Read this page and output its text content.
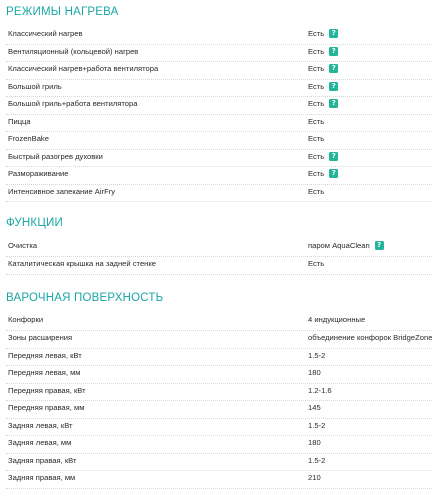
РЕЖИМЫ НАГРЕВА
Классический нагрев	Есть	?
Вентиляционный (кольцевой) нагрев	Есть	?
Классический нагрев+работа вентилятора	Есть	?
Большой гриль	Есть	?
Большой гриль+работа вентилятора	Есть	?
Пицца	Есть
FrozenBake	Есть
Быстрый разогрев духовки	Есть	?
Размораживание	Есть	?
Интенсивное запекание AirFry	Есть
ФУНКЦИИ
Очистка	паром AquaClean	?
Каталитическая крышка на задней стенке	Есть
ВАРОЧНАЯ ПОВЕРХНОСТЬ
Конфорки	4 индукционные
Зоны расширения	объединение конфорок BridgeZone
Передняя левая, кВт	1.5-2
Передняя левая, мм	180
Передняя правая, кВт	1.2-1.6
Передняя правая, мм	145
Задняя левая, кВт	1.5-2
Задняя левая, мм	180
Задняя правая, кВт	1.5-2
Задняя правая, мм	210
